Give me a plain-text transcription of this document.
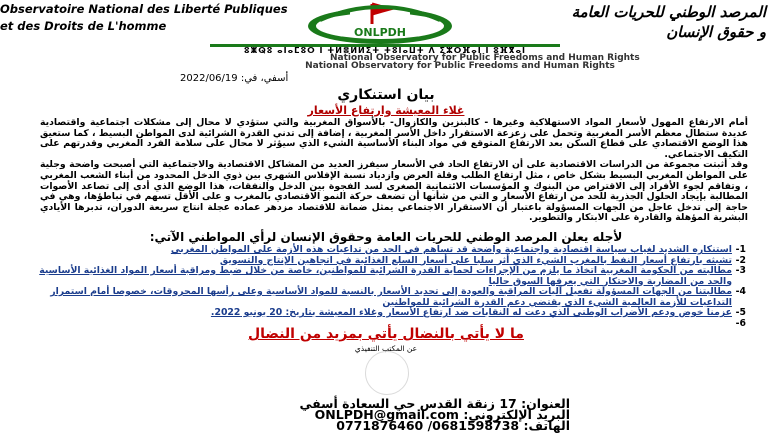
Observatoire National des Liberté Publiques
et des Droits de L'homme
المرصد الوطني للحريات العامة
و حقوق الإنسان
ONLPDH
ⵓⵥⵕⵓ ⴰⵏⴰⵎⵓⵔ ⵏ ⵜⵍⴻⵍⵍⵉⵜ ⵜⵓⵏⴰⵡⵜ ⴷ ⵉⵣⵔⴼⴰⵏ ⵏ ⵓⴼⴳⴰⵏ
National Observatory for Public Freedoms and Human Rights
National Observatory for Public Freedoms and Human Rights
أسفي، في: 2022/06/19
بيان استنكاري
غلاء المعيشة وارتفاع الأسعار

أمام الارتفاع المهول لأسعار المواد الاستهلاكية وغيرها - كالبنزين والكازوال- بالأسواق المغربية والتي ستؤدي لا محال إلى مشكلات اجتماعية واقتصادية عديدة ستطال معظم الأسر المغربية وتحمل على زعزعة الاستقرار داخل الأسر المغربية ، إضافة إلى تدني القدرة الشرائية لدى المواطن البسيط ، كما ستعيق هذا الوضع الاقتصادي على قطاع السكن بعد الارتفاع المتوقع في مواد البناء الأساسية الشيء الذي سيؤثر لا محال على سلامة الفرد المغربي وقدرتهم على التكيف الاجتماعي.

وقد أثبتت مجموعة من الدراسات الاقتصادية على أن الارتفاع الحاد في الأسعار سيفرز العديد من المشاكل الاقتصادية والاجتماعية التي أصبحت واضحة وجلية على المواطن المغربي البسيط بشكل خاص ، مثل ارتفاع الطلب وقلة العرض وازدياد نسبة الإفلاس الشهري بين ذوي الدخل المحدود من أبناء الشعب المغربي ، وتفاقم لجوء الأفراد إلى الاقتراض من البنوك و المؤسسات الائتمانية الصغرى لسد الفجوة بين الدخل والنفقات، هذا الوضع الذي أدى إلى تصاعد الأصوات المطالبة بإيجاد الحلول الجذرية للحد من ارتفاع الأسعار و التي من شأنها أن تضعف حركة النمو الاقتصادي بالمغرب و على الأقل تسهم في تباطؤها، وهي في حاجة إلى تدخل عاجل من الجهات المسؤولة باعتبار أن الاستقرار الاجتماعي يمثل ضمانة للاقتصاد مزدهر عماده عجلة انتاج سريعة الدوران، تدبرها الأيادي البشرية المؤهلة والقادرة على الابتكار والتطوير.

لأجله يعلن المرصد الوطني للحريات العامة وحقوق الإنسان لرأي المواطني الآتي:
1-
استنكاره الشديد لغياب سياسة اقتصادية واجتماعية واضحة قد تساهم في الحد من تداعيات هذه الأزمة على المواطن المغربي
2-
تشبثه بارتفاع أسعار النفط بالمغرب الشيء الذي أثر سلبا على أسعار السلع الغذائية في اتجاهين الإنتاج والتسويق
3-
مطالبته من الحكومة المغربية اتخاذ ما يلزم من الإجراءات لحماية القدرة الشرائية للمواطنين، خاصة من خلال ضبط ومراقبة أسعار المواد الغذائية الأساسية والحد من المضاربة والاحتكار التي يعرفها السوق حاليا
4-
مطالبتنا من الجهات المسؤولة تفعيل آليات المراقبة والعودة إلى تحديد الأسعار بالنسبة للمواد الأساسية وعلى رأسها المحروقات، خصوصا أمام استمرار التداعيات للأزمة العالمية الشيء الذي يقتضي دعم القدرة الشرائية للمواطنين
5-
عزمنا خوض ودعم الأضراب الوطني الذي دعت له النقابات ضد ارتفاع الأسعار وغلاء المعيشة بتاريخ: 20 يونيو 2022.
6-
ما لا يأتي بالنضال يأتي بمزيد من النضال
عن المكتب التنفيذي
العنوان: 17 زنقة القدس حي السعادة أسفي
البريد الإلكتروني: ONLPDH@gmail.com
الهاتف: 0681598738/ 0771876460
